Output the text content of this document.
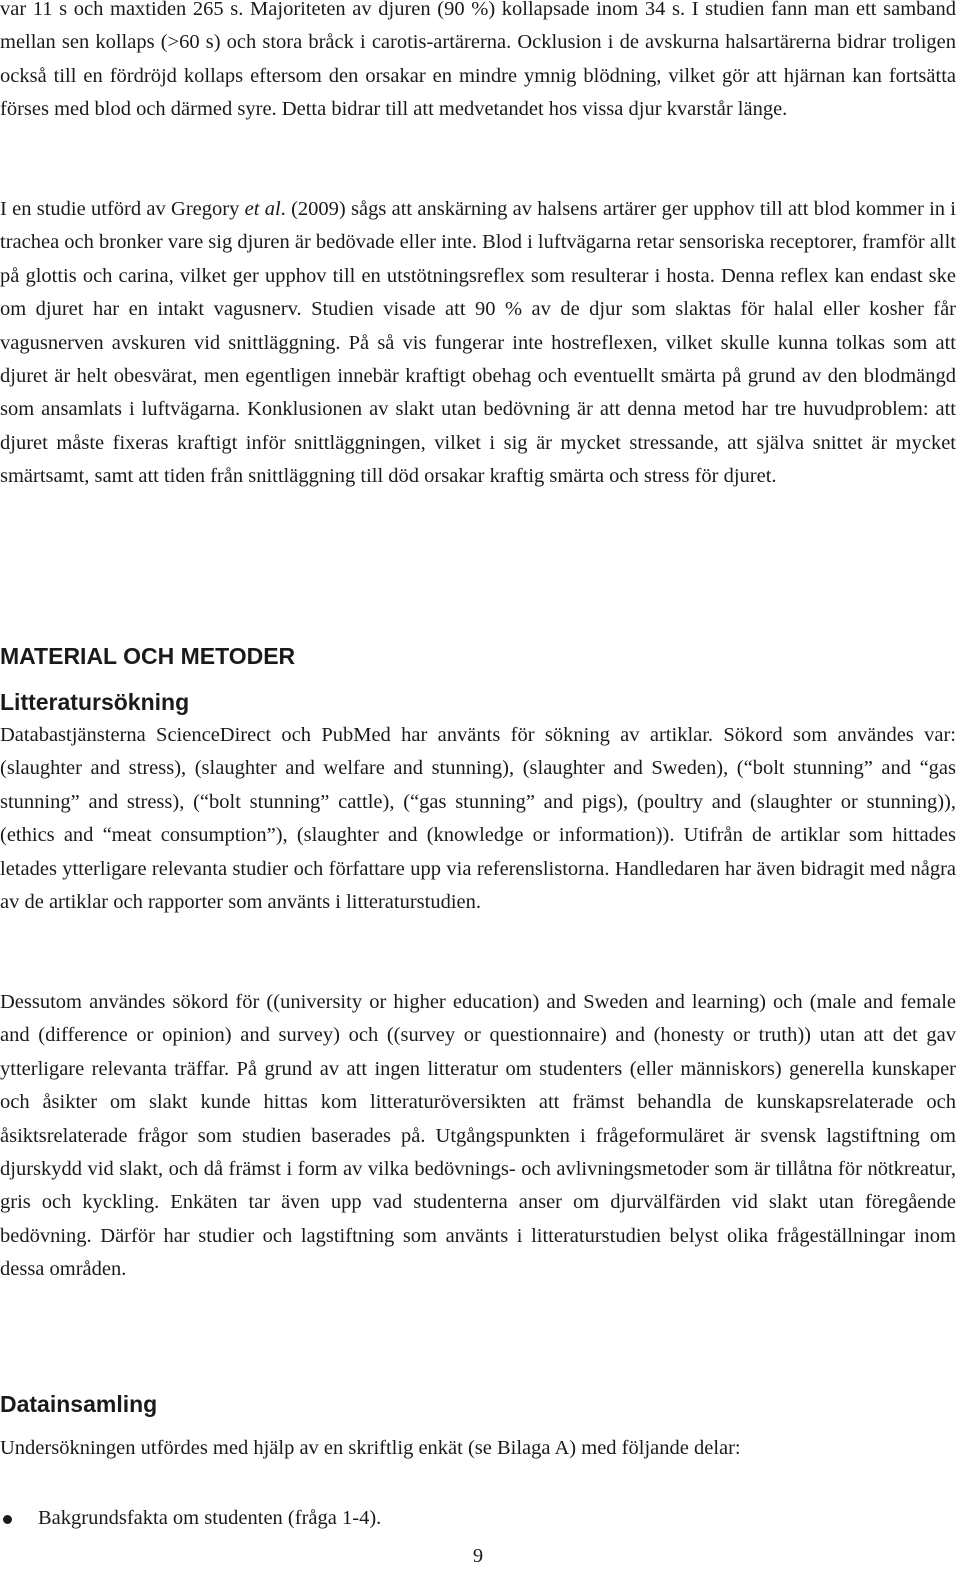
var 11 s och maxtiden 265 s. Majoriteten av djuren (90 %) kollapsade inom 34 s. I studien fann man ett samband mellan sen kollaps (>60 s) och stora bråck i carotis-artärerna. Ocklusion i de avskurna halsartärerna bidrar troligen också till en fördröjd kollaps eftersom den orsakar en mindre ymnig blödning, vilket gör att hjärnan kan fortsätta förses med blod och därmed syre. Detta bidrar till att medvetandet hos vissa djur kvarstår länge.

I en studie utförd av Gregory et al. (2009) sågs att anskärning av halsens artärer ger upphov till att blod kommer in i trachea och bronker vare sig djuren är bedövade eller inte. Blod i luftvägarna retar sensoriska receptorer, framför allt på glottis och carina, vilket ger upphov till en utstötningsreflex som resulterar i hosta. Denna reflex kan endast ske om djuret har en intakt vagusnerv. Studien visade att 90 % av de djur som slaktas för halal eller kosher får vagusnerven avskuren vid snittläggning. På så vis fungerar inte hostreflexen, vilket skulle kunna tolkas som att djuret är helt obesvärat, men egentligen innebär kraftigt obehag och eventuellt smärta på grund av den blodmängd som ansamlats i luftvägarna. Konklusionen av slakt utan bedövning är att denna metod har tre huvudproblem: att djuret måste fixeras kraftigt inför snittläggningen, vilket i sig är mycket stressande, att själva snittet är mycket smärtsamt, samt att tiden från snittläggning till död orsakar kraftig smärta och stress för djuret.

MATERIAL OCH METODER
Litteratursökning

Databastjänsterna ScienceDirect och PubMed har använts för sökning av artiklar. Sökord som användes var: (slaughter and stress), (slaughter and welfare and stunning), (slaughter and Sweden), (“bolt stunning” and “gas stunning” and stress), (“bolt stunning” cattle), (“gas stunning” and pigs), (poultry and (slaughter or stunning)), (ethics and “meat consumption”), (slaughter and (knowledge or information)). Utifrån de artiklar som hittades letades ytterligare relevanta studier och författare upp via referenslistorna. Handledaren har även bidragit med några av de artiklar och rapporter som använts i litteraturstudien.

Dessutom användes sökord för ((university or higher education) and Sweden and learning) och (male and female and (difference or opinion) and survey) och ((survey or questionnaire) and (honesty or truth)) utan att det gav ytterligare relevanta träffar. På grund av att ingen litteratur om studenters (eller människors) generella kunskaper och åsikter om slakt kunde hittas kom litteraturöversikten att främst behandla de kunskapsrelaterade och åsiktsrelaterade frågor som studien baserades på. Utgångspunkten i frågeformuläret är svensk lagstiftning om djurskydd vid slakt, och då främst i form av vilka bedövnings- och avlivningsmetoder som är tillåtna för nötkreatur, gris och kyckling. Enkäten tar även upp vad studenterna anser om djurvälfärden vid slakt utan föregående bedövning. Därför har studier och lagstiftning som använts i litteraturstudien belyst olika frågeställningar inom dessa områden.

Datainsamling

Undersökningen utfördes med hjälp av en skriftlig enkät (se Bilaga A) med följande delar:

Bakgrundsfakta om studenten (fråga 1-4).
9
